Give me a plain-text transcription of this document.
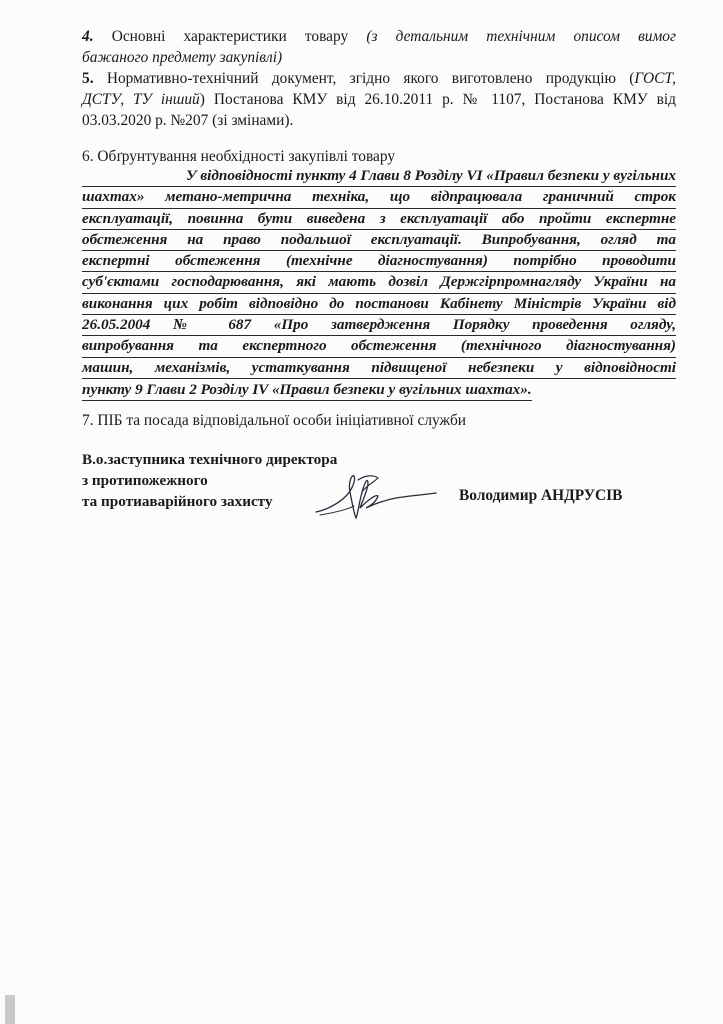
4. Основні характеристики товару (з детальним технічним описом вимог
бажаного предмету закупівлі)
5. Нормативно-технічний документ, згідно якого виготовлено продукцію (ГОСТ,
ДСТУ, ТУ інший) Постанова КМУ від 26.10.2011 р. № 1107, Постанова КМУ від
03.03.2020 р. №207 (зі змінами).
6. Обґрунтування необхідності закупівлі товару
У відповідності пункту 4 Глави 8 Розділу VI «Правил безпеки у вугільних
шахтах» метано-метрична техніка, що відпрацювала граничний строк
експлуатації, повинна бути виведена з експлуатації або пройти експертне
обстеження на право подальшої експлуатації. Випробування, огляд та
експертні обстеження (технічне діагностування) потрібно проводити
суб'єктами господарювання, які мають дозвіл Держгірпромнагляду України на
виконання цих робіт відповідно до постанови Кабінету Міністрів України від
26.05.2004 № 687 «Про затвердження Порядку проведення огляду,
випробування та експертного обстеження (технічного діагностування)
машин, механізмів, устаткування підвищеної небезпеки у відповідності
пункту 9 Глави 2 Розділу IV «Правил безпеки у вугільних шахтах».
7. ПІБ та посада відповідальної особи ініціативної служби
В.о.заступника технічного директора
з протипожежного
та протиаварійного захисту	Володимир АНДРУСІВ
